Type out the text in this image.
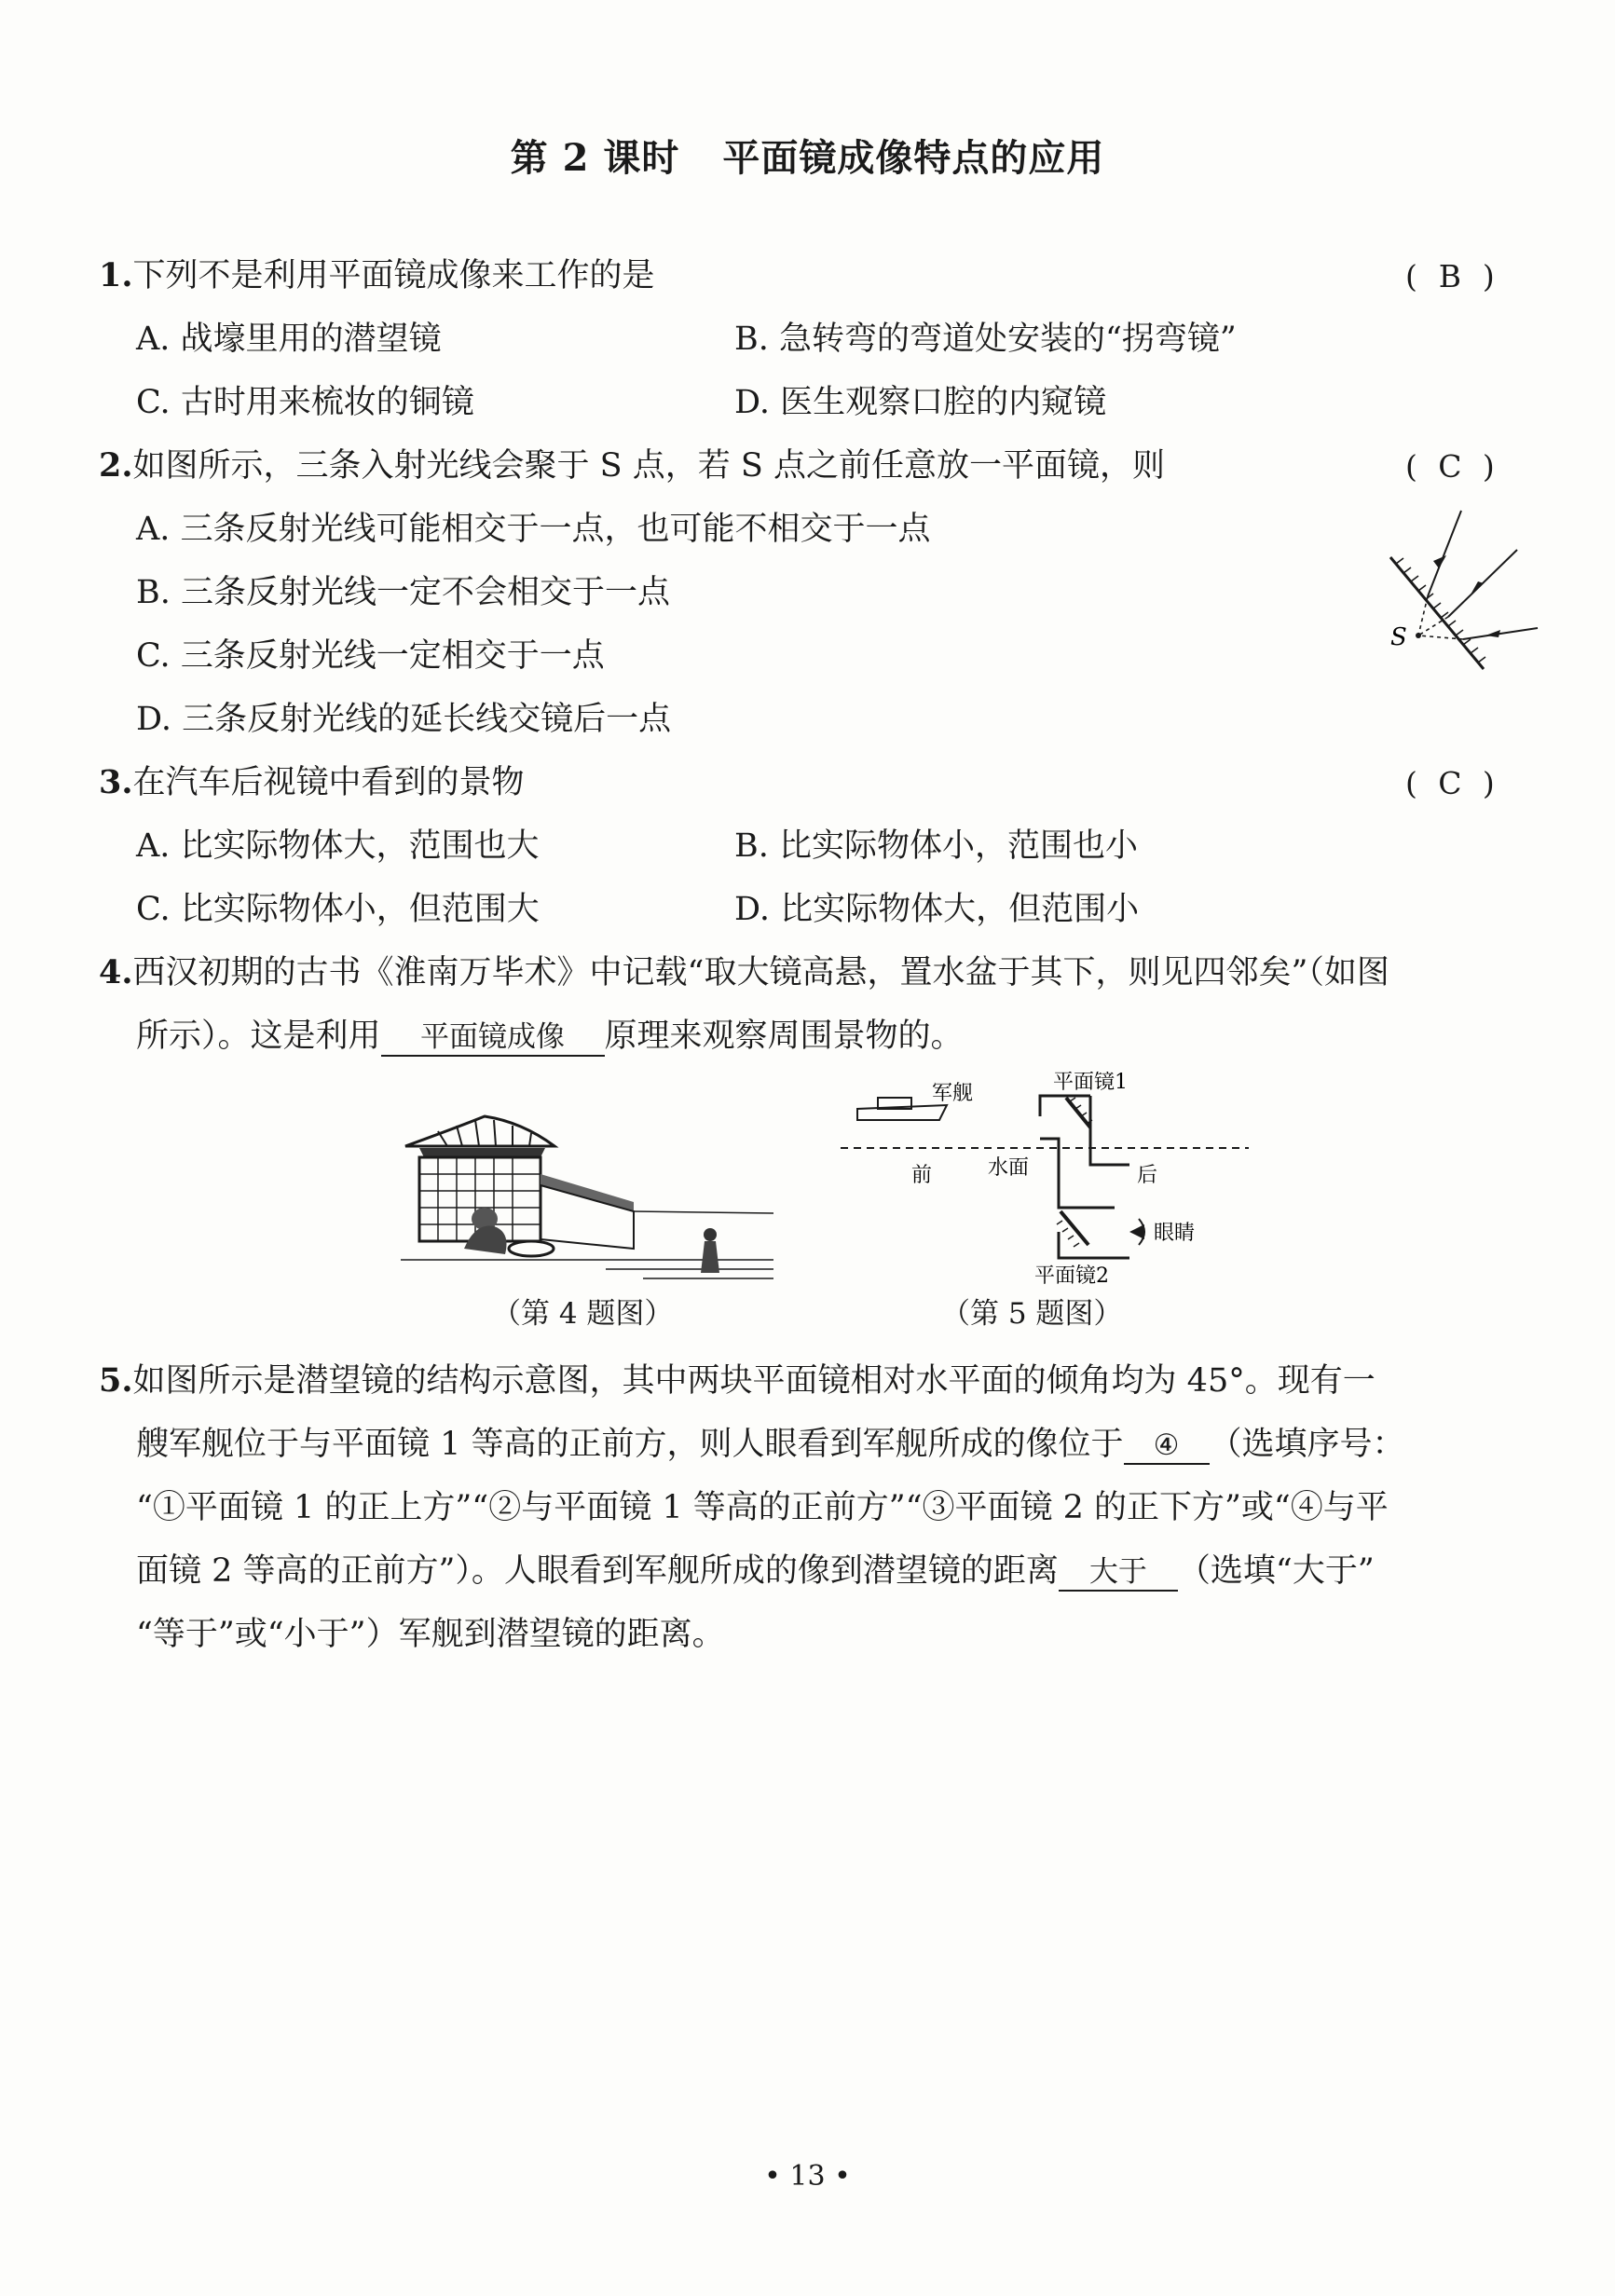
第 2 课时 平面镜成像特点的应用
1.下列不是利用平面镜成像来工作的是	( B )
A. 战壕里用的潜望镜	B. 急转弯的弯道处安装的“拐弯镜”
C. 古时用来梳妆的铜镜	D. 医生观察口腔的内窥镜
2.如图所示，三条入射光线会聚于 S 点，若 S 点之前任意放一平面镜，则	( C )
A. 三条反射光线可能相交于一点，也可能不相交于一点
B. 三条反射光线一定不会相交于一点
C. 三条反射光线一定相交于一点
D. 三条反射光线的延长线交镜后一点
S
3.在汽车后视镜中看到的景物	( C )
A. 比实际物体大，范围也大	B. 比实际物体小，范围也小
C. 比实际物体小，但范围大	D. 比实际物体大，但范围小
4.西汉初期的古书《淮南万毕术》中记载“取大镜高悬，置水盆于其下，则见四邻矣”（如图
所示）。这是利用 平面镜成像 原理来观察周围景物的。
军舰
前	水面	后
平面镜1
平面镜2
眼睛
（第 4 题图）	（第 5 题图）
5.如图所示是潜望镜的结构示意图，其中两块平面镜相对水平面的倾角均为 45°。现有一
艘军舰位于与平面镜 1 等高的正前方，则人眼看到军舰所成的像位于 ④ （选填序号：
“①平面镜 1 的正上方”“②与平面镜 1 等高的正前方”“③平面镜 2 的正下方”或“④与平
面镜 2 等高的正前方”）。人眼看到军舰所成的像到潜望镜的距离 大于 （选填“大于”
“等于”或“小于”）军舰到潜望镜的距离。
• 13 •
